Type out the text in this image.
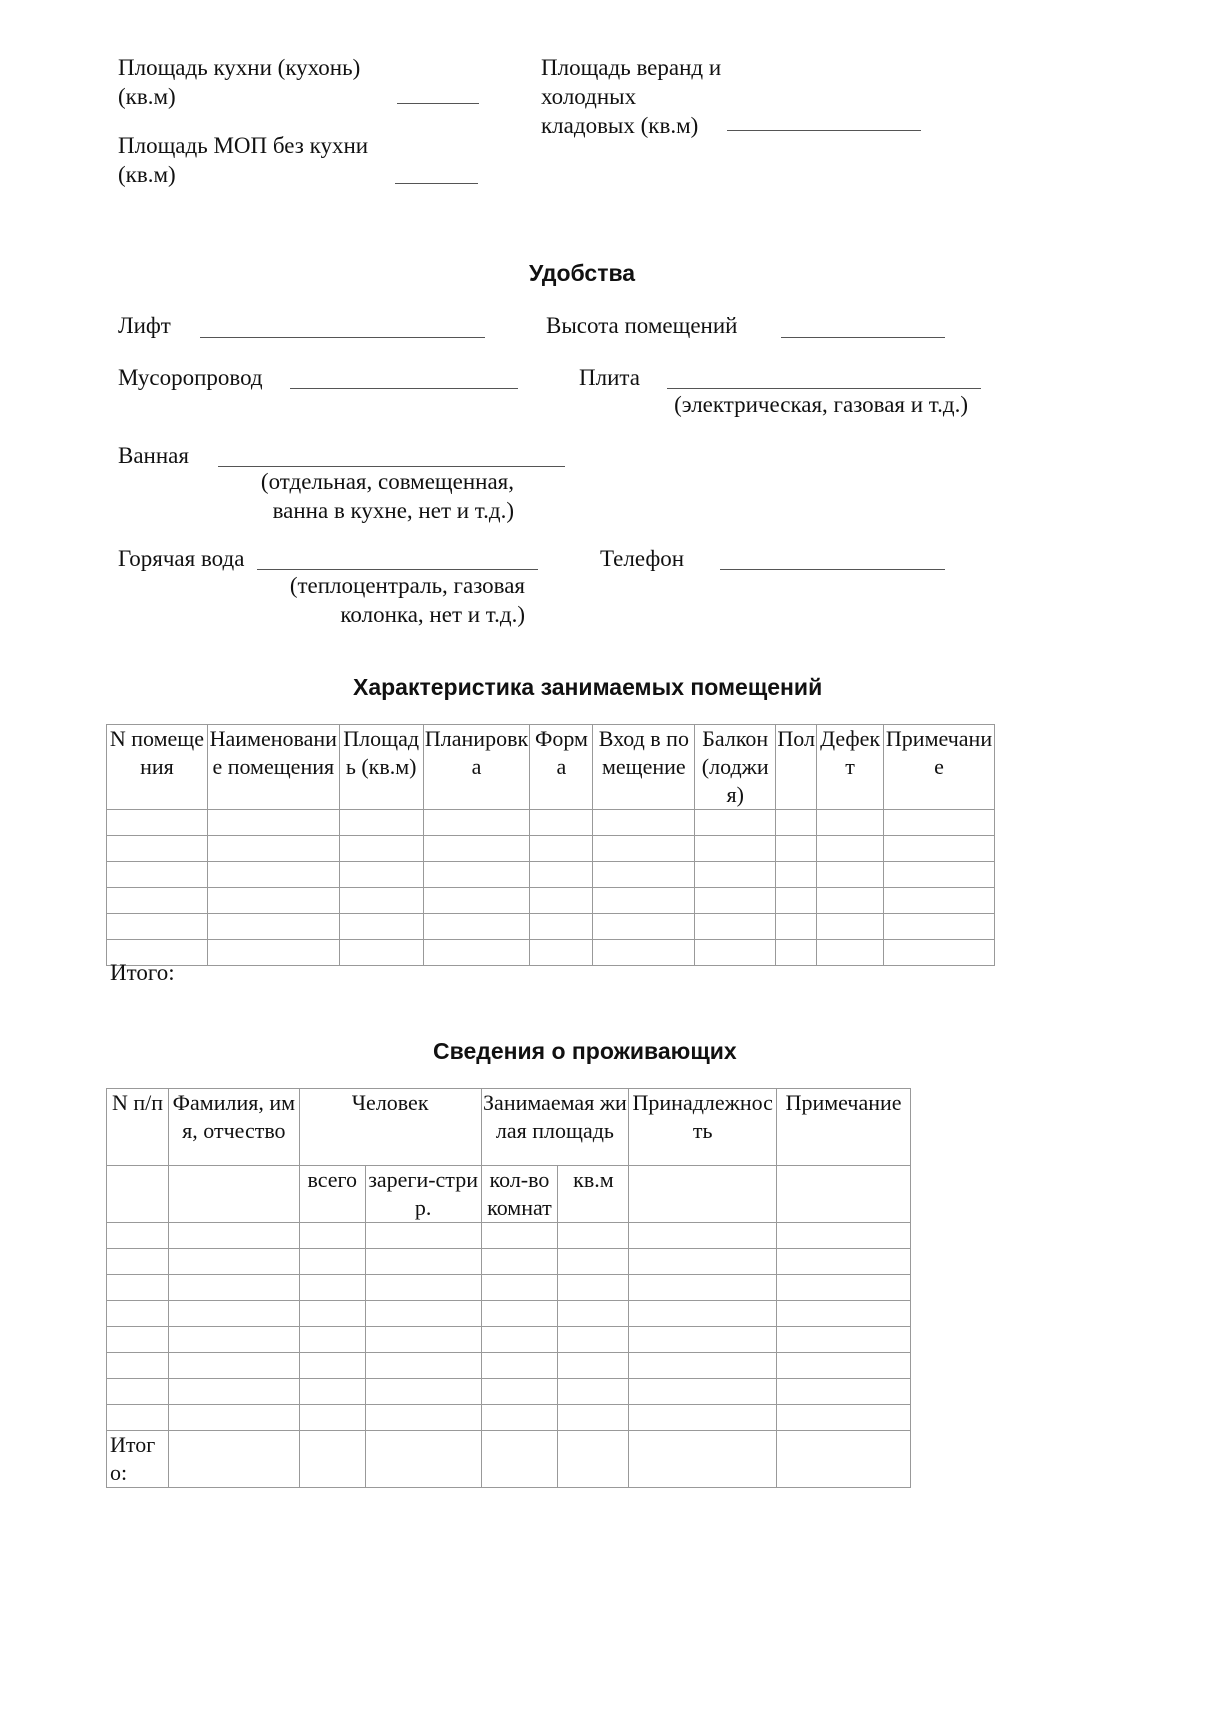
Площадь кухни (кухонь) (кв.м)
Площадь МОП без кухни (кв.м)
Площадь веранд и холодных кладовых (кв.м)
Удобства
Лифт	Высота помещений
Мусоропровод	Плита
(электрическая, газовая и т.д.)
Ванная
(отдельная, совмещенная, ванна в кухне, нет и т.д.)
Горячая вода
(теплоцентраль, газовая колонка, нет и т.д.)
Телефон
Характеристика занимаемых помещений
N помещения	Наименование помещения	Площадь (кв.м)	Планировка	Форма	Вход в помещение	Балкон (лоджия)	Пол	Дефект	Примечание

Итого:
Сведения о проживающих
N п/п	Фамилия, имя, отчество	Человек		Занимаемая жилая площадь		Принадлежность	Примечание
		всего	зареги-стрир.	кол-во комнат	кв.м		

Итого:							
